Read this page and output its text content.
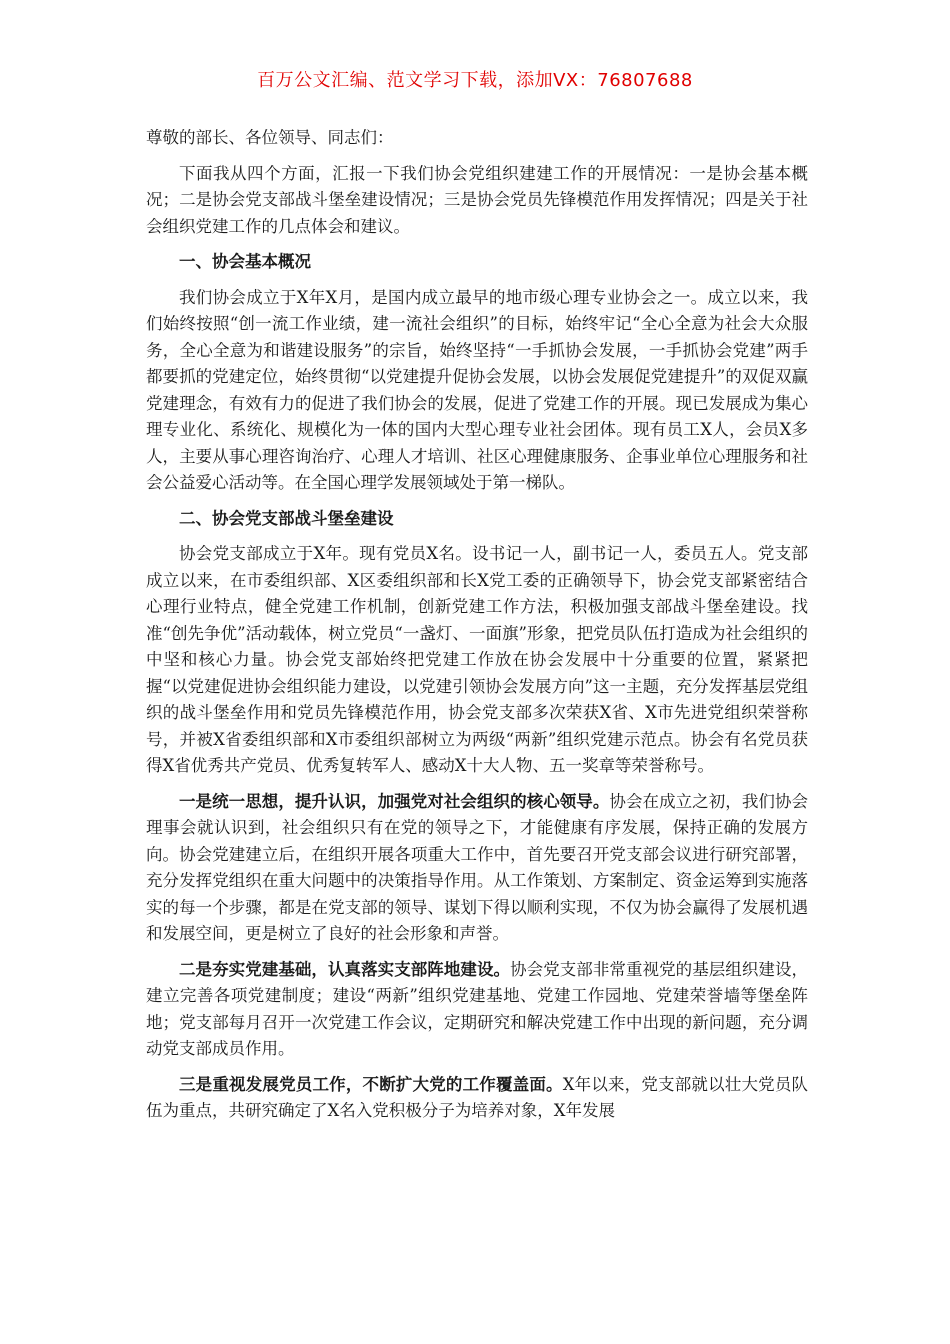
百万公文汇编、范文学习下载，添加VX：76807688

尊敬的部长、各位领导、同志们：

下面我从四个方面，汇报一下我们协会党组织建建工作的开展情况：一是协会基本概况；二是协会党支部战斗堡垒建设情况；三是协会党员先锋模范作用发挥情况；四是关于社会组织党建工作的几点体会和建议。

一、协会基本概况

我们协会成立于X年X月，是国内成立最早的地市级心理专业协会之一。成立以来，我们始终按照“创一流工作业绩，建一流社会组织”的目标，始终牢记“全心全意为社会大众服务，全心全意为和谐建设服务”的宗旨，始终坚持“一手抓协会发展，一手抓协会党建”两手都要抓的党建定位，始终贯彻“以党建提升促协会发展，以协会发展促党建提升”的双促双赢党建理念，有效有力的促进了我们协会的发展，促进了党建工作的开展。现已发展成为集心理专业化、系统化、规模化为一体的国内大型心理专业社会团体。现有员工X人，会员X多人，主要从事心理咨询治疗、心理人才培训、社区心理健康服务、企事业单位心理服务和社会公益爱心活动等。在全国心理学发展领域处于第一梯队。

二、协会党支部战斗堡垒建设

协会党支部成立于X年。现有党员X名。设书记一人，副书记一人，委员五人。党支部成立以来，在市委组织部、X区委组织部和长X党工委的正确领导下，协会党支部紧密结合心理行业特点，健全党建工作机制，创新党建工作方法，积极加强支部战斗堡垒建设。找准“创先争优”活动载体，树立党员“一盏灯、一面旗”形象，把党员队伍打造成为社会组织的中坚和核心力量。协会党支部始终把党建工作放在协会发展中十分重要的位置，紧紧把握“以党建促进协会组织能力建设，以党建引领协会发展方向”这一主题，充分发挥基层党组织的战斗堡垒作用和党员先锋模范作用，协会党支部多次荣获X省、X市先进党组织荣誉称号，并被X省委组织部和X市委组织部树立为两级“两新”组织党建示范点。协会有名党员获得X省优秀共产党员、优秀复转军人、感动X十大人物、五一奖章等荣誉称号。

一是统一思想，提升认识，加强党对社会组织的核心领导。协会在成立之初，我们协会理事会就认识到，社会组织只有在党的领导之下，才能健康有序发展，保持正确的发展方向。协会党建建立后，在组织开展各项重大工作中，首先要召开党支部会议进行研究部署，充分发挥党组织在重大问题中的决策指导作用。从工作策划、方案制定、资金运筹到实施落实的每一个步骤，都是在党支部的领导、谋划下得以顺利实现，不仅为协会赢得了发展机遇和发展空间，更是树立了良好的社会形象和声誉。

二是夯实党建基础，认真落实支部阵地建设。协会党支部非常重视党的基层组织建设，建立完善各项党建制度；建设“两新”组织党建基地、党建工作园地、党建荣誉墙等堡垒阵地；党支部每月召开一次党建工作会议，定期研究和解决党建工作中出现的新问题，充分调动党支部成员作用。

三是重视发展党员工作，不断扩大党的工作覆盖面。X年以来，党支部就以壮大党员队伍为重点，共研究确定了X名入党积极分子为培养对象，X年发展
